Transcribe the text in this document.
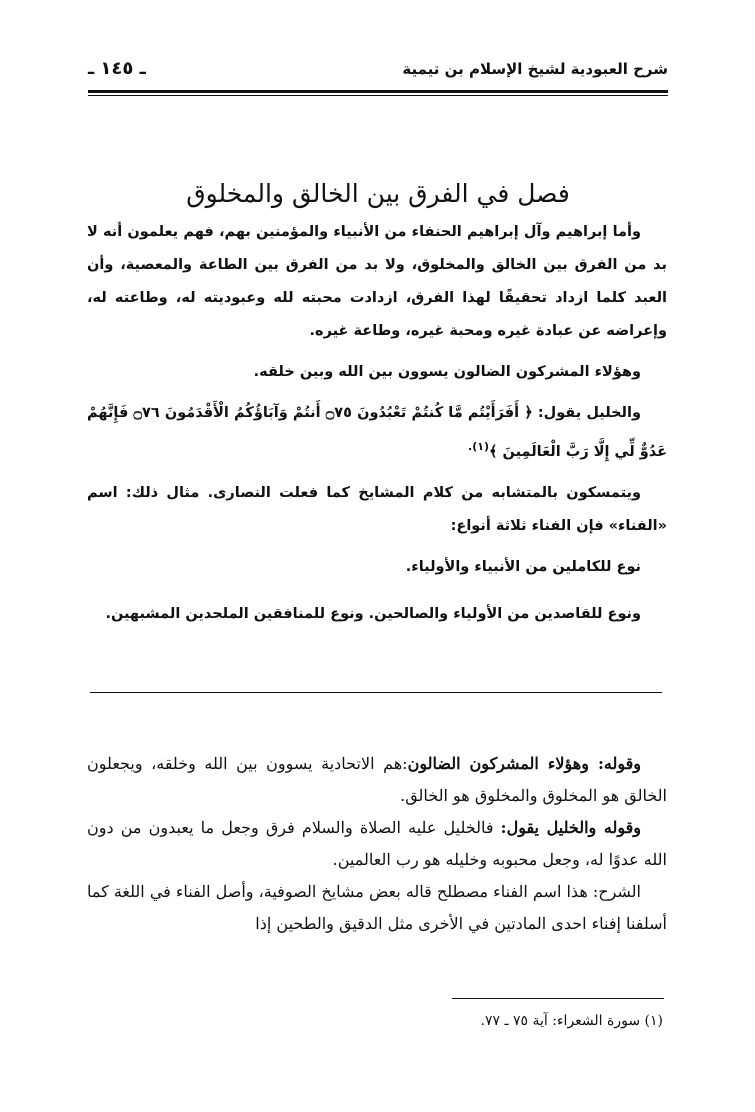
شرح العبودية لشيخ الإسلام بن تيمية
ـ ١٤٥ ـ
فصل في الفرق بين الخالق والمخلوق

وأما إبراهيم وآل إبراهيم الحنفاء من الأنبياء والمؤمنين بهم، فهم يعلمون أنه لا بد من الفرق بين الخالق والمخلوق، ولا بد من الفرق بين الطاعة والمعصية، وأن العبد كلما ازداد تحقيقًا لهذا الفرق، ازدادت محبته لله وعبوديته له، وطاعته له، وإعراضه عن عبادة غيره ومحبة غيره، وطاعة غيره.

وهؤلاء المشركون الضالون يسوون بين الله وبين خلقه.

والخليل يقول: ﴿ أَفَرَأَيْتُم مَّا كُنتُمْ تَعْبُدُونَ ۝٧٥ أَنتُمْ وَآبَاؤُكُمُ الْأَقْدَمُونَ ۝٧٦ فَإِنَّهُمْ عَدُوٌّ لِّي إِلَّا رَبَّ الْعَالَمِينَ ﴾$^{(١).}$

ويتمسكون بالمتشابه من كلام المشايخ كما فعلت النصارى. مثال ذلك: اسم «الفناء» فإن الفناء ثلاثة أنواع:

نوع للكاملين من الأنبياء والأولياء.

ونوع للقاصدين من الأولياء والصالحين. ونوع للمنافقين الملحدين المشبهين.

وقوله: وهؤلاء المشركون الضالون:هم الاتحادية يسوون بين الله وخلقه، ويجعلون الخالق هو المخلوق والمخلوق هو الخالق.

وقوله والخليل يقول: فالخليل عليه الصلاة والسلام فرق وجعل ما يعبدون من دون الله عدوًا له، وجعل محبوبه وخليله هو رب العالمين.

الشرح: هذا اسم الفناء مصطلح قاله بعض مشايخ الصوفية، وأصل الفناء في اللغة كما أسلفنا إفناء احدى المادتين في الأخرى مثل الدقيق والطحين إذا

(١) سورة الشعراء: آية ٧٥ ـ ٧٧.
